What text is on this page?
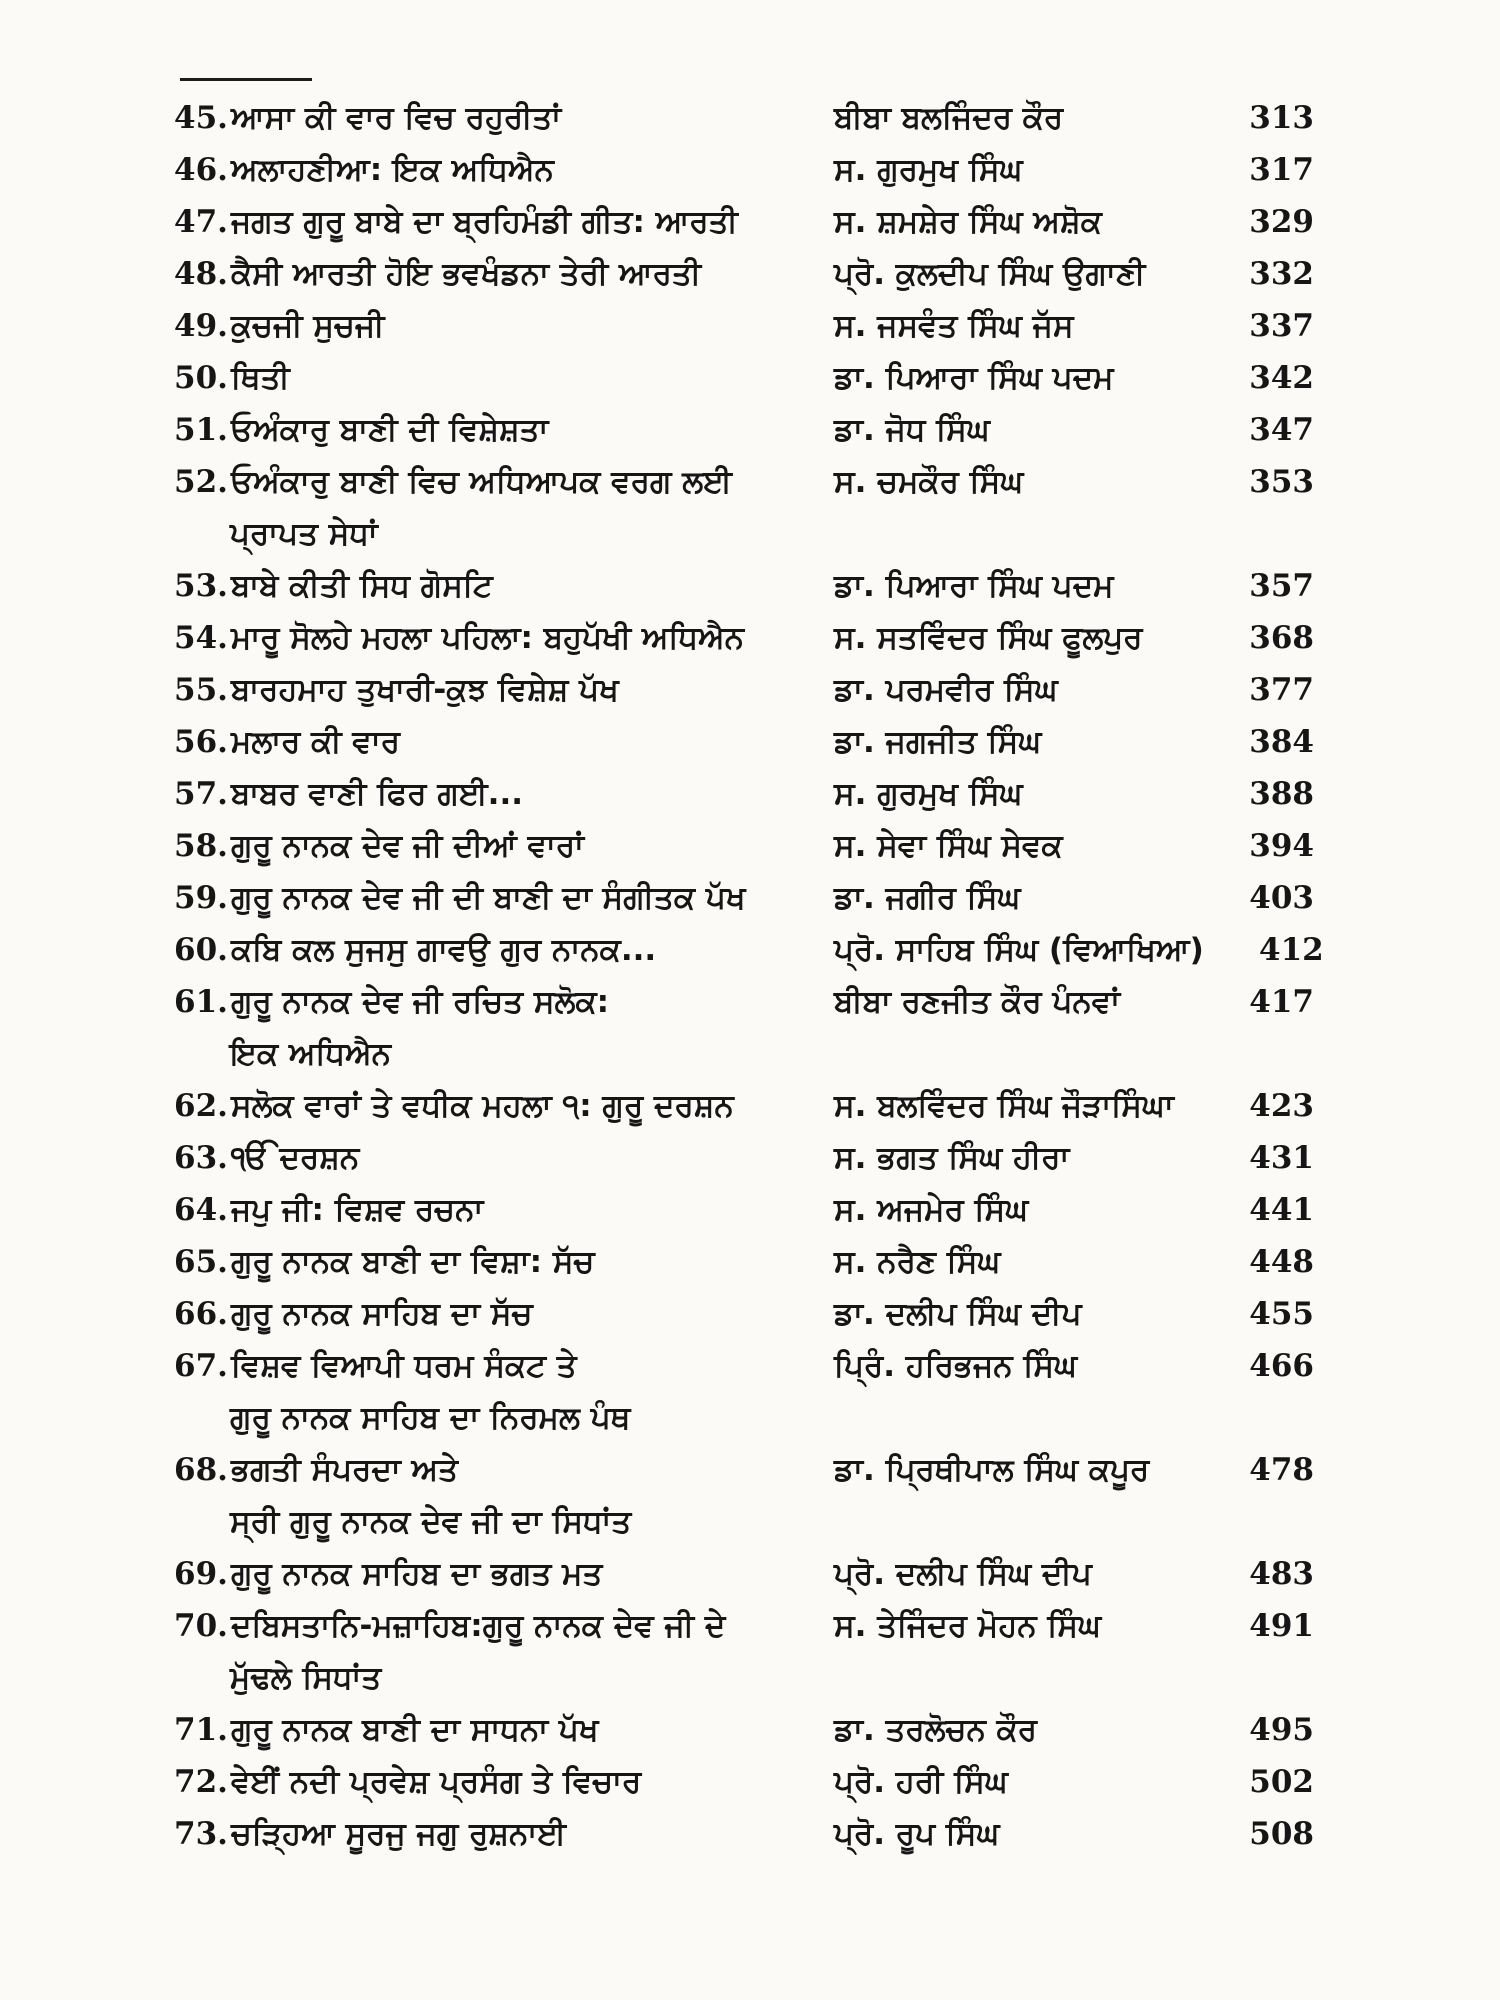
45.ਆਸਾ ਕੀ ਵਾਰ ਵਿਚ ਰਹੁਰੀਤਾਂ	ਬੀਬਾ ਬਲਜਿੰਦਰ ਕੌਰ	313
46.ਅਲਾਹਣੀਆ: ਇਕ ਅਧਿਐਨ	ਸ. ਗੁਰਮੁਖ ਸਿੰਘ	317
47.ਜਗਤ ਗੁਰੂ ਬਾਬੇ ਦਾ ਬ੍ਰਹਿਮੰਡੀ ਗੀਤ: ਆਰਤੀ	ਸ. ਸ਼ਮਸ਼ੇਰ ਸਿੰਘ ਅਸ਼ੋਕ	329
48.ਕੈਸੀ ਆਰਤੀ ਹੋਇ ਭਵਖੰਡਨਾ ਤੇਰੀ ਆਰਤੀ	ਪ੍ਰੋ. ਕੁਲਦੀਪ ਸਿੰਘ ਉਗਾਣੀ	332
49.ਕੁਚਜੀ ਸੁਚਜੀ	ਸ. ਜਸਵੰਤ ਸਿੰਘ ਜੱਸ	337
50.ਥਿਤੀ	ਡਾ. ਪਿਆਰਾ ਸਿੰਘ ਪਦਮ	342
51.ਓਅੰਕਾਰੁ ਬਾਣੀ ਦੀ ਵਿਸ਼ੇਸ਼ਤਾ	ਡਾ. ਜੋਧ ਸਿੰਘ	347
52.ਓਅੰਕਾਰੁ ਬਾਣੀ ਵਿਚ ਅਧਿਆਪਕ ਵਰਗ ਲਈ
ਪ੍ਰਾਪਤ ਸੇਧਾਂ
ਸ. ਚਮਕੌਰ ਸਿੰਘ	353
53.ਬਾਬੇ ਕੀਤੀ ਸਿਧ ਗੋਸਟਿ	ਡਾ. ਪਿਆਰਾ ਸਿੰਘ ਪਦਮ	357
54.ਮਾਰੂ ਸੋਲਹੇ ਮਹਲਾ ਪਹਿਲਾ: ਬਹੁਪੱਖੀ ਅਧਿਐਨ	ਸ. ਸਤਵਿੰਦਰ ਸਿੰਘ ਫੂਲਪੁਰ	368
55.ਬਾਰਹਮਾਹ ਤੁਖਾਰੀ-ਕੁਝ ਵਿਸ਼ੇਸ਼ ਪੱਖ	ਡਾ. ਪਰਮਵੀਰ ਸਿੰਘ	377
56.ਮਲਾਰ ਕੀ ਵਾਰ	ਡਾ. ਜਗਜੀਤ ਸਿੰਘ	384
57.ਬਾਬਰ ਵਾਣੀ ਫਿਰ ਗਈ...	ਸ. ਗੁਰਮੁਖ ਸਿੰਘ	388
58.ਗੁਰੂ ਨਾਨਕ ਦੇਵ ਜੀ ਦੀਆਂ ਵਾਰਾਂ	ਸ. ਸੇਵਾ ਸਿੰਘ ਸੇਵਕ	394
59.ਗੁਰੂ ਨਾਨਕ ਦੇਵ ਜੀ ਦੀ ਬਾਣੀ ਦਾ ਸੰਗੀਤਕ ਪੱਖ	ਡਾ. ਜਗੀਰ ਸਿੰਘ	403
60.ਕਬਿ ਕਲ ਸੁਜਸੁ ਗਾਵਉ ਗੁਰ ਨਾਨਕ...	ਪ੍ਰੋ. ਸਾਹਿਬ ਸਿੰਘ (ਵਿਆਖਿਆ)	412
61.ਗੁਰੂ ਨਾਨਕ ਦੇਵ ਜੀ ਰਚਿਤ ਸਲੋਕ:
ਇਕ ਅਧਿਐਨ
ਬੀਬਾ ਰਣਜੀਤ ਕੌਰ ਪੰਨਵਾਂ	417
62.ਸਲੋਕ ਵਾਰਾਂ ਤੇ ਵਧੀਕ ਮਹਲਾ ੧: ਗੁਰੂ ਦਰਸ਼ਨ	ਸ. ਬਲਵਿੰਦਰ ਸਿੰਘ ਜੌੜਾਸਿੰਘਾ	423
63.ੴ ਦਰਸ਼ਨ	ਸ. ਭਗਤ ਸਿੰਘ ਹੀਰਾ	431
64.ਜਪੁ ਜੀ: ਵਿਸ਼ਵ ਰਚਨਾ	ਸ. ਅਜਮੇਰ ਸਿੰਘ	441
65.ਗੁਰੂ ਨਾਨਕ ਬਾਣੀ ਦਾ ਵਿਸ਼ਾ: ਸੱਚ	ਸ. ਨਰੈਣ ਸਿੰਘ	448
66.ਗੁਰੂ ਨਾਨਕ ਸਾਹਿਬ ਦਾ ਸੱਚ	ਡਾ. ਦਲੀਪ ਸਿੰਘ ਦੀਪ	455
67.ਵਿਸ਼ਵ ਵਿਆਪੀ ਧਰਮ ਸੰਕਟ ਤੇ
ਗੁਰੂ ਨਾਨਕ ਸਾਹਿਬ ਦਾ ਨਿਰਮਲ ਪੰਥ
ਪ੍ਰਿੰ. ਹਰਿਭਜਨ ਸਿੰਘ	466
68.ਭਗਤੀ ਸੰਪਰਦਾ ਅਤੇ
ਸ੍ਰੀ ਗੁਰੂ ਨਾਨਕ ਦੇਵ ਜੀ ਦਾ ਸਿਧਾਂਤ
ਡਾ. ਪ੍ਰਿਥੀਪਾਲ ਸਿੰਘ ਕਪੂਰ	478
69.ਗੁਰੂ ਨਾਨਕ ਸਾਹਿਬ ਦਾ ਭਗਤ ਮਤ	ਪ੍ਰੋ. ਦਲੀਪ ਸਿੰਘ ਦੀਪ	483
70.ਦਬਿਸਤਾਨਿ-ਮਜ਼ਾਹਿਬ:ਗੁਰੂ ਨਾਨਕ ਦੇਵ ਜੀ ਦੇ
ਮੁੱਢਲੇ ਸਿਧਾਂਤ
ਸ. ਤੇਜਿੰਦਰ ਮੋਹਨ ਸਿੰਘ	491
71.ਗੁਰੂ ਨਾਨਕ ਬਾਣੀ ਦਾ ਸਾਧਨਾ ਪੱਖ	ਡਾ. ਤਰਲੋਚਨ ਕੌਰ	495
72.ਵੇਈਂ ਨਦੀ ਪ੍ਰਵੇਸ਼ ਪ੍ਰਸੰਗ ਤੇ ਵਿਚਾਰ	ਪ੍ਰੋ. ਹਰੀ ਸਿੰਘ	502
73.ਚੜ੍ਹਿਆ ਸੂਰਜੁ ਜਗੁ ਰੁਸ਼ਨਾਈ	ਪ੍ਰੋ. ਰੂਪ ਸਿੰਘ	508
